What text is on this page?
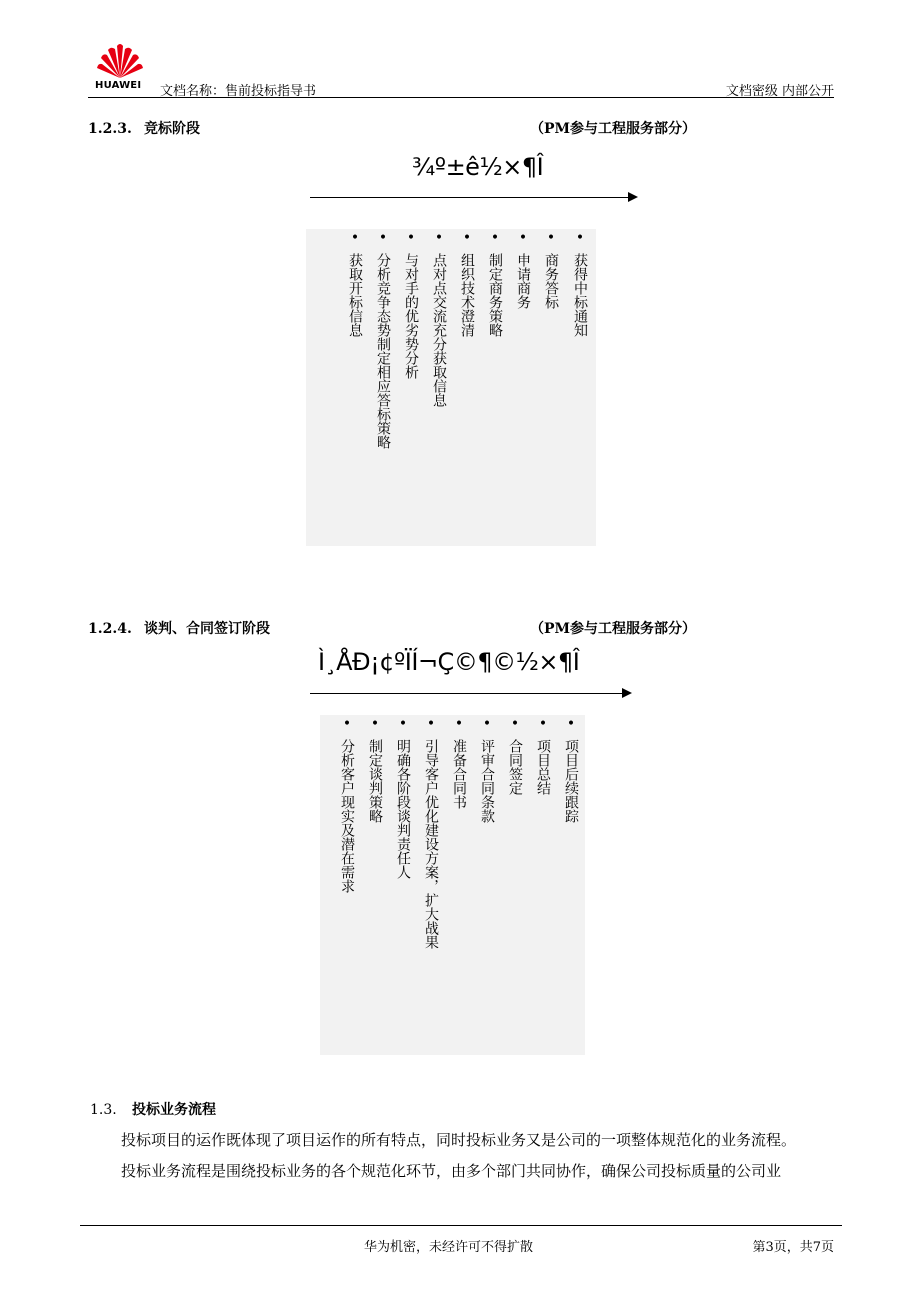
HUAWEI 文档名称：售前投标指导书	文档密级 内部公开
1.2.3. 竞标阶段	（PM参与工程服务部分）
¾º±ê½×¶Î
•
获得中标通知
•
商务答标
•
申请商务
•
制定商务策略
•
组织技术澄清
•
点对点交流充分获取信息
•
与对手的优劣势分析
•
分析竞争态势制定相应答标策略
•
获取开标信息
1.2.4. 谈判、合同签订阶段	（PM参与工程服务部分）
Ì¸ÅÐ¡¢ºÏÍ¬Ç©¶©½×¶Î
•
项目后续跟踪
•
项目总结
•
合同签定
•
评审合同条款
•
准备合同书
•
引导客户优化建设方案，扩大战果
•
明确各阶段谈判责任人
•
制定谈判策略
•
分析客户现实及潜在需求
1.3. 投标业务流程
投标项目的运作既体现了项目运作的所有特点，同时投标业务又是公司的一项整体规范化的业务流程。
投标业务流程是围绕投标业务的各个规范化环节，由多个部门共同协作，确保公司投标质量的公司业
华为机密，未经许可不得扩散	第3页，共7页
